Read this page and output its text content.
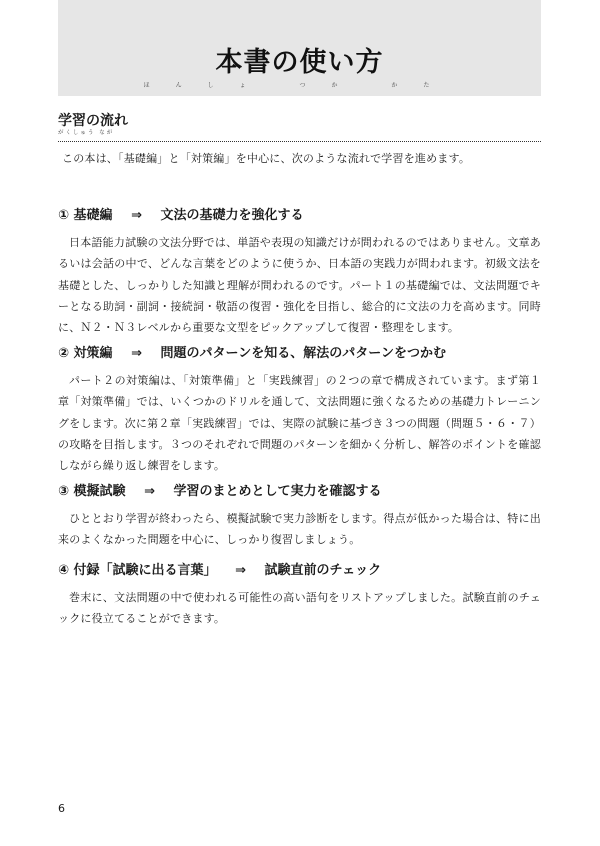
本書の使い方
ほんしょ つか かた
学習の流れ
がくしゅう なが
この本は、「基礎編」と「対策編」を中心に、次のような流れで学習を進めます。
① 基礎編 ⇒ 文法の基礎力を強化する
日本語能力試験の文法分野では、単語や表現の知識だけが問われるのではありません。文章あるいは会話の中で、どんな言葉をどのように使うか、日本語の実践力が問われます。初級文法を基礎とした、しっかりした知識と理解が問われるのです。パート１の基礎編では、文法問題でキーとなる助詞・副詞・接続詞・敬語の復習・強化を目指し、総合的に文法の力を高めます。同時に、Ｎ２・Ｎ３レベルから重要な文型をピックアップして復習・整理をします。
② 対策編 ⇒ 問題のパターンを知る、解法のパターンをつかむ
パート２の対策編は、「対策準備」と「実践練習」の２つの章で構成されています。まず第１章「対策準備」では、いくつかのドリルを通して、文法問題に強くなるための基礎力トレーニングをします。次に第２章「実践練習」では、実際の試験に基づき３つの問題（問題５・６・７）の攻略を目指します。３つのそれぞれで問題のパターンを細かく分析し、解答のポイントを確認しながら繰り返し練習をします。
③ 模擬試験 ⇒ 学習のまとめとして実力を確認する
ひととおり学習が終わったら、模擬試験で実力診断をします。得点が低かった場合は、特に出来のよくなかった問題を中心に、しっかり復習しましょう。
④ 付録「試験に出る言葉」 ⇒ 試験直前のチェック
巻末に、文法問題の中で使われる可能性の高い語句をリストアップしました。試験直前のチェックに役立てることができます。
6
